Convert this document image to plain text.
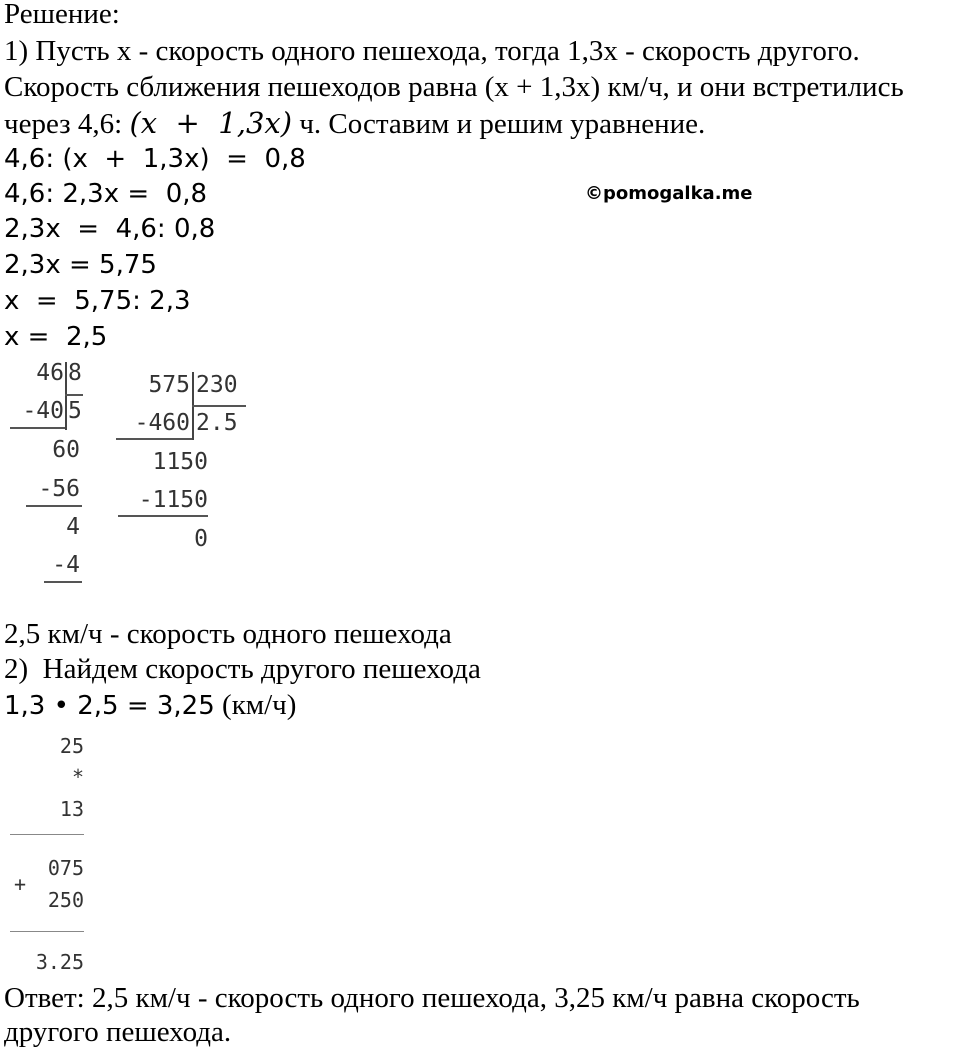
Решение:
1) Пусть x - скорость одного пешехода, тогда 1,3x - скорость другого.
Скорость сближения пешеходов равна (x + 1,3x) км/ч, и они встретились
через 4,6: (𝑥  +  1,3𝑥) ч. Составим и решим уравнение.
4,6: (x  +  1,3x)  =  0,8
4,6: 2,3x =  0,8
2,3x  =  4,6: 0,8
2,3x = 5,75
x  =  5,75: 2,3
x =  2,5
©pomogalka.me
46 8
-40 5
60
-56
4
-4
575 230
-460 2.5
1150
-1150
0
2,5 км/ч - скорость одного пешехода
2)  Найдем скорость другого пешехода
1,3 • 2,5 = 3,25 (км/ч)
25
*
13
075
+
250
3.25
Ответ: 2,5 км/ч - скорость одного пешехода, 3,25 км/ч равна скорость
другого пешехода.
